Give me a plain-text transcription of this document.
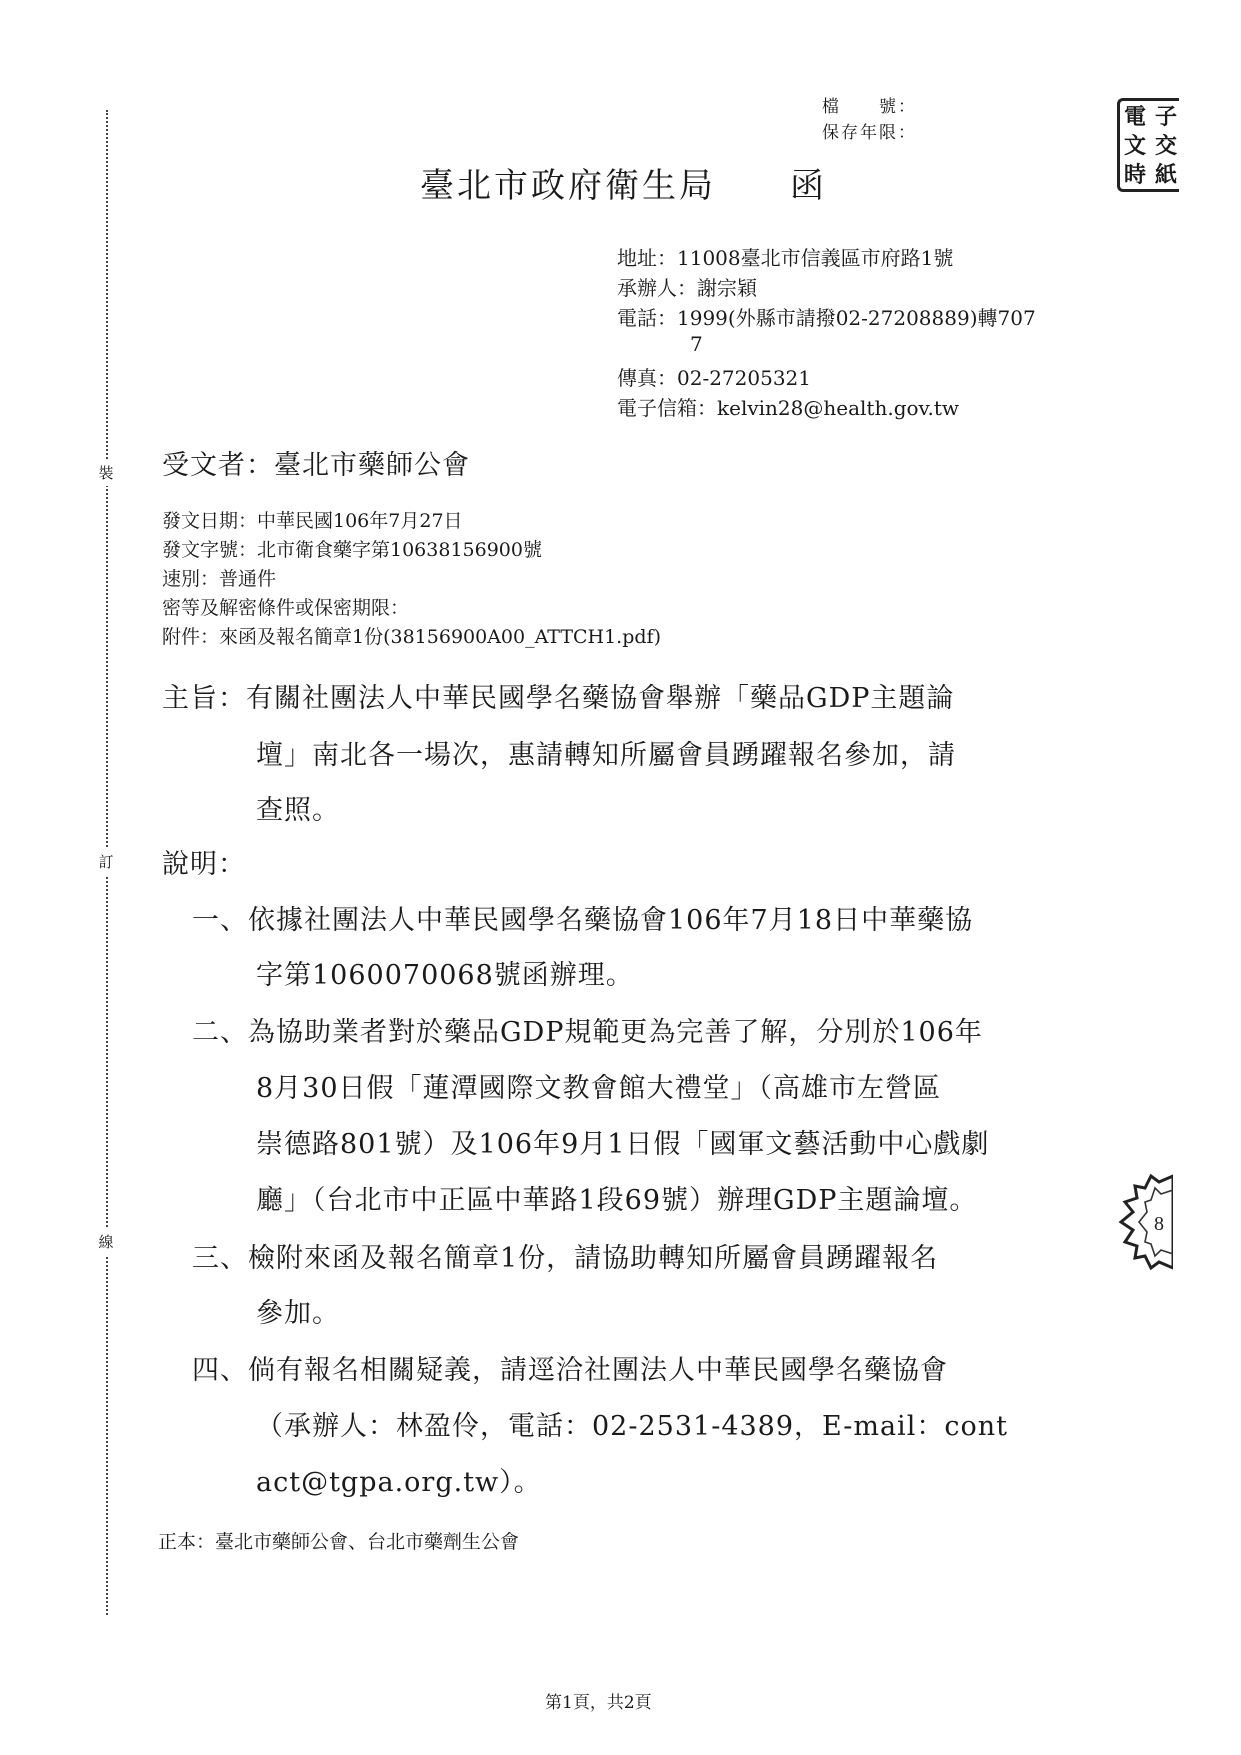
裝
訂
線
檔　　號：
保存年限：
電 子
文 交
時 紙
臺北市政府衛生局　　函
地址：11008臺北市信義區市府路1號
承辦人：謝宗穎
電話：1999(外縣市請撥02-27208889)轉707
7
傳真：02-27205321
電子信箱：kelvin28@health.gov.tw
受文者：臺北市藥師公會
發文日期：中華民國106年7月27日
發文字號：北市衛食藥字第10638156900號
速別：普通件
密等及解密條件或保密期限：
附件：來函及報名簡章1份(38156900A00_ATTCH1.pdf)
主旨：有關社團法人中華民國學名藥協會舉辦「藥品GDP主題論
壇」南北各一場次，惠請轉知所屬會員踴躍報名參加，請
查照。
說明：
一、依據社團法人中華民國學名藥協會106年7月18日中華藥協
字第1060070068號函辦理。
二、為協助業者對於藥品GDP規範更為完善了解，分別於106年
8月30日假「蓮潭國際文教會館大禮堂」（高雄市左營區
崇德路801號）及106年9月1日假「國軍文藝活動中心戲劇
廳」（台北市中正區中華路1段69號）辦理GDP主題論壇。
三、檢附來函及報名簡章1份，請協助轉知所屬會員踴躍報名
參加。
四、倘有報名相關疑義，請逕洽社團法人中華民國學名藥協會
（承辦人：林盈伶，電話：02-2531-4389，E-mail：cont
act@tgpa.org.tw）。
正本：臺北市藥師公會、台北市藥劑生公會
8
第1頁，共2頁
